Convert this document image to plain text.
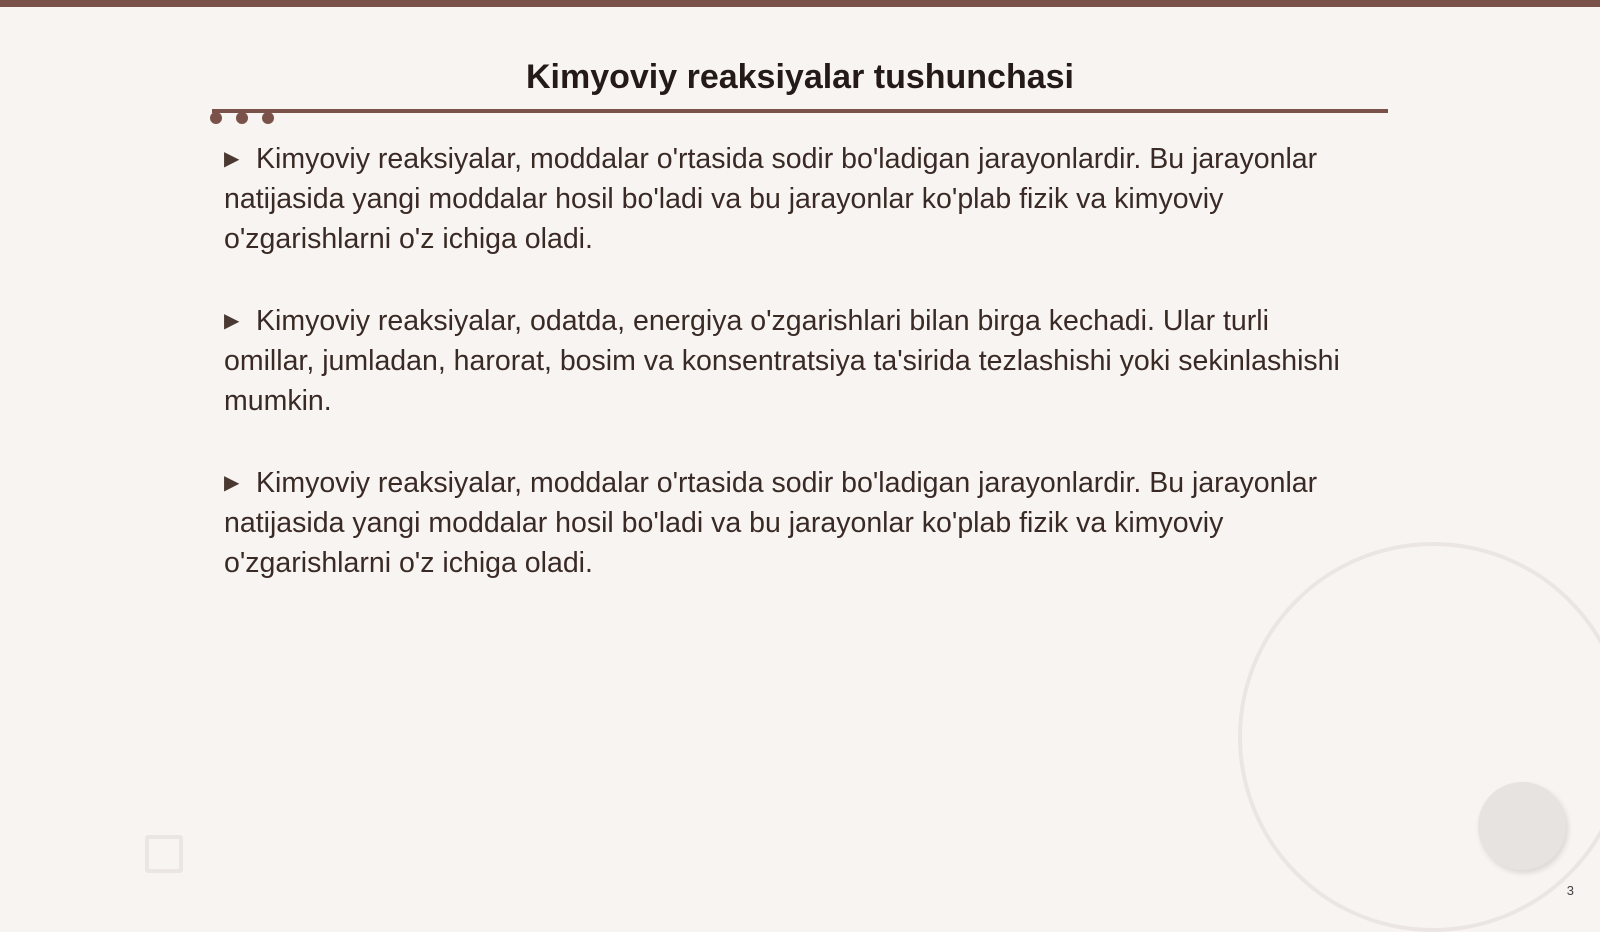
Kimyoviy reaksiyalar tushunchasi

▶ Kimyoviy reaksiyalar, moddalar o'rtasida sodir bo'ladigan jarayonlardir. Bu jarayonlar natijasida yangi moddalar hosil bo'ladi va bu jarayonlar ko'plab fizik va kimyoviy o'zgarishlarni o'z ichiga oladi.

▶ Kimyoviy reaksiyalar, odatda, energiya o'zgarishlari bilan birga kechadi. Ular turli omillar, jumladan, harorat, bosim va konsentratsiya ta'sirida tezlashishi yoki sekinlashishi mumkin.

▶ Kimyoviy reaksiyalar, moddalar o'rtasida sodir bo'ladigan jarayonlardir. Bu jarayonlar natijasida yangi moddalar hosil bo'ladi va bu jarayonlar ko'plab fizik va kimyoviy o'zgarishlarni o'z ichiga oladi.

3
